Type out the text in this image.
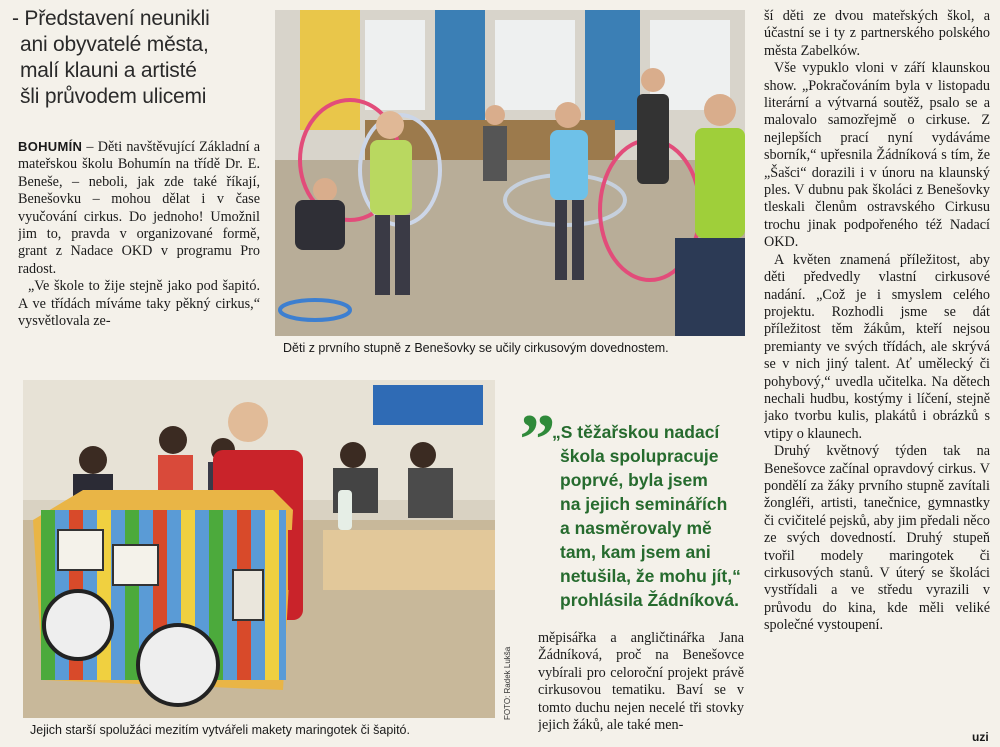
- Představení neunikli
ani obyvatelé města,
malí klauni a artisté
šli průvodem ulicemi

BOHUMÍN – Děti navštěvující Základní a mateřskou školu Bohumín na třídě Dr. E. Beneše, – neboli, jak zde také říkají, Benešovku – mohou dělat i v čase vyučování cirkus. Do jednoho! Umožnil jim to, pravda v organizované formě, grant z Nadace OKD v programu Pro radost.

„Ve škole to žije stejně jako pod šapitó. A ve třídách míváme taky pěkný cirkus,“ vysvětlovala ze-

Děti z prvního stupně z Benešovky se učily cirkusovým dovednostem.
FOTO: Radek Lukša
Jejich starší spolužáci mezitím vytvářeli makety maringotek či šapitó.
„
„S těžařskou nadací
škola spolupracuje
poprvé, byla jsem
na jejich seminářích
a nasměrovaly mě
tam, kam jsem ani
netušila, že mohu jít,“
prohlásila Žádníková.

měpisářka a angličtinářka Jana Žádníková, proč na Benešovce vybírali pro celoroční projekt právě cirkusovou tematiku. Baví se v tomto duchu nejen necelé tři stovky jejich žáků, ale také men-

ší děti ze dvou mateřských škol, a účastní se i ty z partnerského polského města Zabelków.

Vše vypuklo vloni v září klaunskou show. „Pokračováním byla v listopadu literární a výtvarná soutěž, psalo se a malovalo samozřejmě o cirkuse. Z nejlepších prací nyní vydáváme sborník,“ upřesnila Žádníková s tím, že „Šašci“ dorazili i v únoru na klaunský ples. V dubnu pak školáci z Benešovky tleskali členům ostravského Cirkusu trochu jinak podpořeného též Nadací OKD.

A květen znamená příležitost, aby děti předvedly vlastní cirkusové nadání. „Což je i smyslem celého projektu. Rozhodli jsme se dát příležitost těm žákům, kteří nejsou premianty ve svých třídách, ale skrývá se v nich jiný talent. Ať umělecký či pohybový,“ uvedla učitelka. Na dětech nechali hudbu, kostýmy i líčení, stejně jako tvorbu kulis, plakátů i obrázků s vtipy o klaunech.

Druhý květnový týden tak na Benešovce začínal opravdový cirkus. V pondělí za žáky prvního stupně zavítali žongléři, artisti, tanečnice, gymnastky či cvičitelé pejsků, aby jim předali něco ze svých dovedností. Druhý stupeň tvořil modely maringotek či cirkusových stanů. V úterý se školáci vystřídali a ve středu vyrazili v průvodu do kina, kde měli veliké společné vystoupení.

uzi
